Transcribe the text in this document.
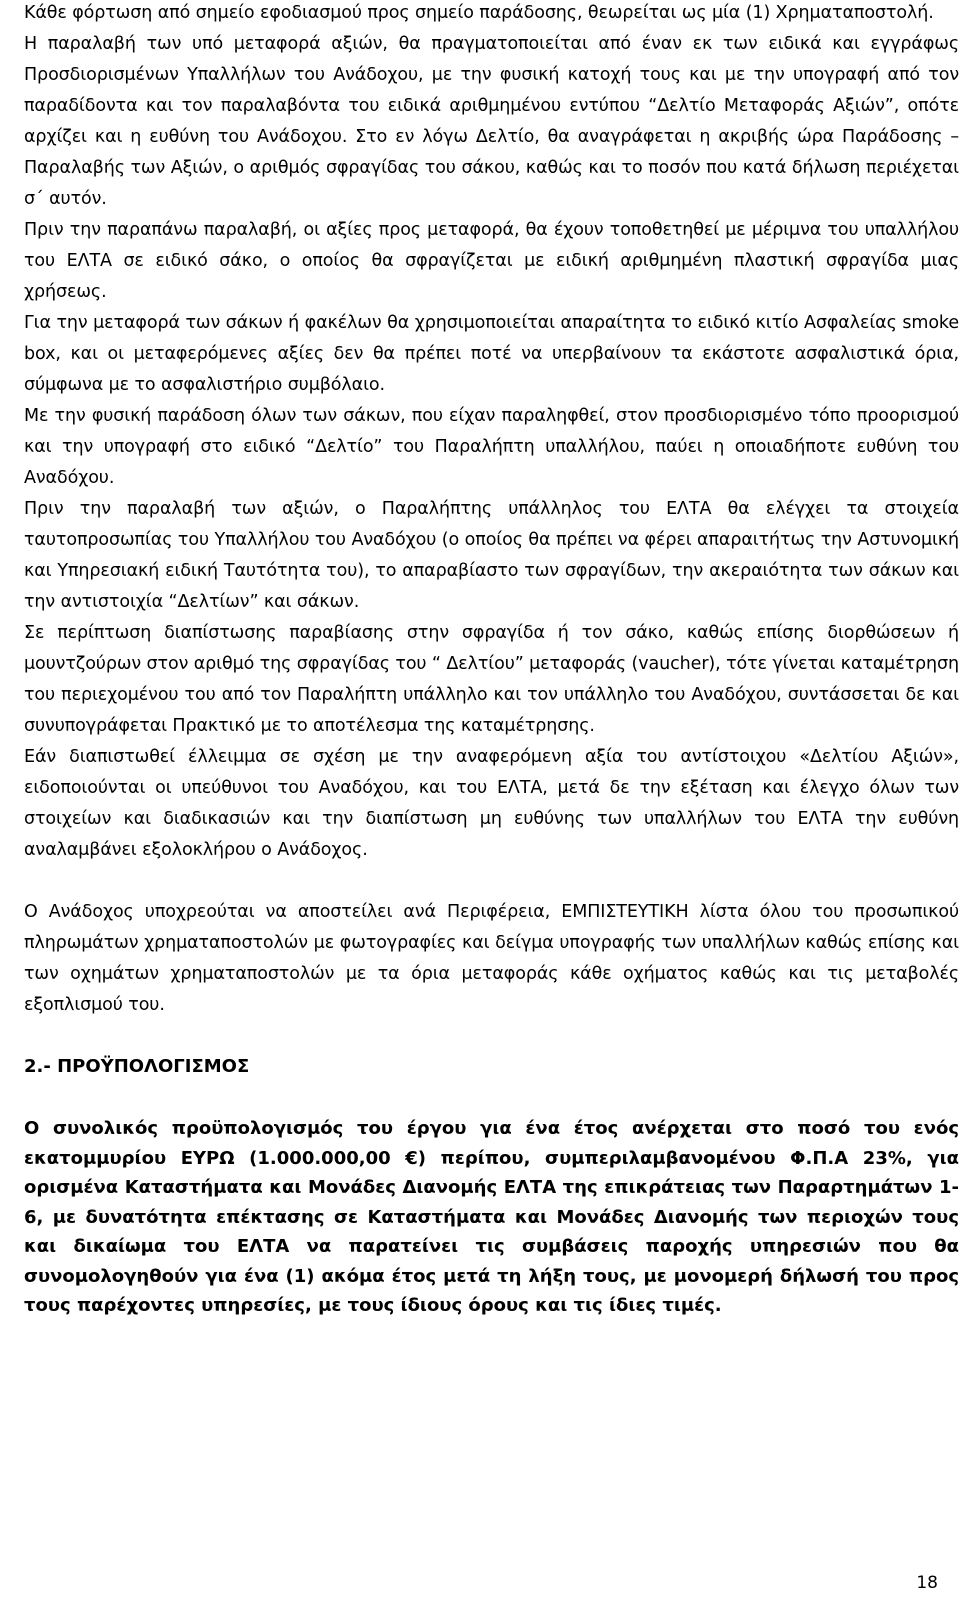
Κάθε φόρτωση από σημείο εφοδιασμού προς σημείο παράδοσης, θεωρείται ως μία (1) Χρηματαποστολή.

Η παραλαβή των υπό μεταφορά αξιών, θα πραγματοποιείται από έναν εκ των ειδικά και εγγράφως Προσδιορισμένων Υπαλλήλων του Ανάδοχου, με την φυσική κατοχή τους και με την υπογραφή από τον παραδίδοντα και τον παραλαβόντα του ειδικά αριθμημένου εντύπου “Δελτίο Μεταφοράς Αξιών”, οπότε αρχίζει και η ευθύνη του Ανάδοχου. Στο εν λόγω Δελτίο, θα αναγράφεται η ακριβής ώρα Παράδοσης – Παραλαβής των Αξιών, ο αριθμός σφραγίδας του σάκου, καθώς και το ποσόν που κατά δήλωση περιέχεται σ΄ αυτόν.

Πριν την παραπάνω παραλαβή, οι αξίες προς μεταφορά, θα έχουν τοποθετηθεί με μέριμνα του υπαλλήλου του ΕΛΤΑ σε ειδικό σάκο, ο οποίος θα σφραγίζεται με ειδική αριθμημένη πλαστική σφραγίδα μιας χρήσεως.

Για την μεταφορά των σάκων ή φακέλων θα χρησιμοποιείται απαραίτητα το ειδικό κιτίο Ασφαλείας smoke box, και οι μεταφερόμενες αξίες δεν θα πρέπει ποτέ να υπερβαίνουν τα εκάστοτε ασφαλιστικά όρια, σύμφωνα με το ασφαλιστήριο συμβόλαιο.

Με την φυσική παράδοση όλων των σάκων, που είχαν παραληφθεί, στον προσδιορισμένο τόπο προορισμού και την υπογραφή στο ειδικό “Δελτίο” του Παραλήπτη υπαλλήλου, παύει η οποιαδήποτε ευθύνη του Αναδόχου.

Πριν την παραλαβή των αξιών, ο Παραλήπτης υπάλληλος του ΕΛΤΑ θα ελέγχει τα στοιχεία ταυτοπροσωπίας του Υπαλλήλου του Αναδόχου (ο οποίος θα πρέπει να φέρει απαραιτήτως την Αστυνομική και Υπηρεσιακή ειδική Ταυτότητα του), το απαραβίαστο των σφραγίδων, την ακεραιότητα των σάκων και την αντιστοιχία “Δελτίων” και σάκων.

Σε περίπτωση διαπίστωσης παραβίασης στην σφραγίδα ή τον σάκο, καθώς επίσης διορθώσεων ή μουντζούρων στον αριθμό της σφραγίδας του “ Δελτίου” μεταφοράς (vaucher), τότε γίνεται καταμέτρηση του περιεχομένου του από τον Παραλήπτη υπάλληλο και τον υπάλληλο του Αναδόχου, συντάσσεται δε και συνυπογράφεται Πρακτικό με το αποτέλεσμα της καταμέτρησης.

Εάν διαπιστωθεί έλλειμμα σε σχέση με την αναφερόμενη αξία του αντίστοιχου «Δελτίου Αξιών», ειδοποιούνται οι υπεύθυνοι του Αναδόχου, και του ΕΛΤΑ, μετά δε την εξέταση και έλεγχο όλων των στοιχείων και διαδικασιών και την διαπίστωση μη ευθύνης των υπαλλήλων του ΕΛΤΑ την ευθύνη αναλαμβάνει εξολοκλήρου ο Ανάδοχος.

Ο Ανάδοχος υποχρεούται να αποστείλει ανά Περιφέρεια, ΕΜΠΙΣΤΕΥΤΙΚΗ λίστα όλου του προσωπικού πληρωμάτων χρηματαποστολών με φωτογραφίες και δείγμα υπογραφής των υπαλλήλων καθώς επίσης και των οχημάτων χρηματαποστολών με τα όρια μεταφοράς κάθε οχήματος καθώς και τις μεταβολές εξοπλισμού του.

2.- ΠΡΟΫΠΟΛΟΓΙΣΜΟΣ

Ο συνολικός προϋπολογισμός του έργου για ένα έτος ανέρχεται στο ποσό του ενός εκατομμυρίου ΕΥΡΩ (1.000.000,00 €) περίπου, συμπεριλαμβανομένου Φ.Π.Α 23%, για ορισμένα Καταστήματα και Μονάδες Διανομής ΕΛΤΑ της επικράτειας των Παραρτημάτων 1-6, με δυνατότητα επέκτασης σε Καταστήματα και Μονάδες Διανομής των περιοχών τους και δικαίωμα του ΕΛΤΑ να παρατείνει τις συμβάσεις παροχής υπηρεσιών που θα συνομολογηθούν για ένα (1) ακόμα έτος μετά τη λήξη τους, με μονομερή δήλωσή του προς τους παρέχοντες υπηρεσίες, με τους ίδιους όρους και τις ίδιες τιμές.

18
